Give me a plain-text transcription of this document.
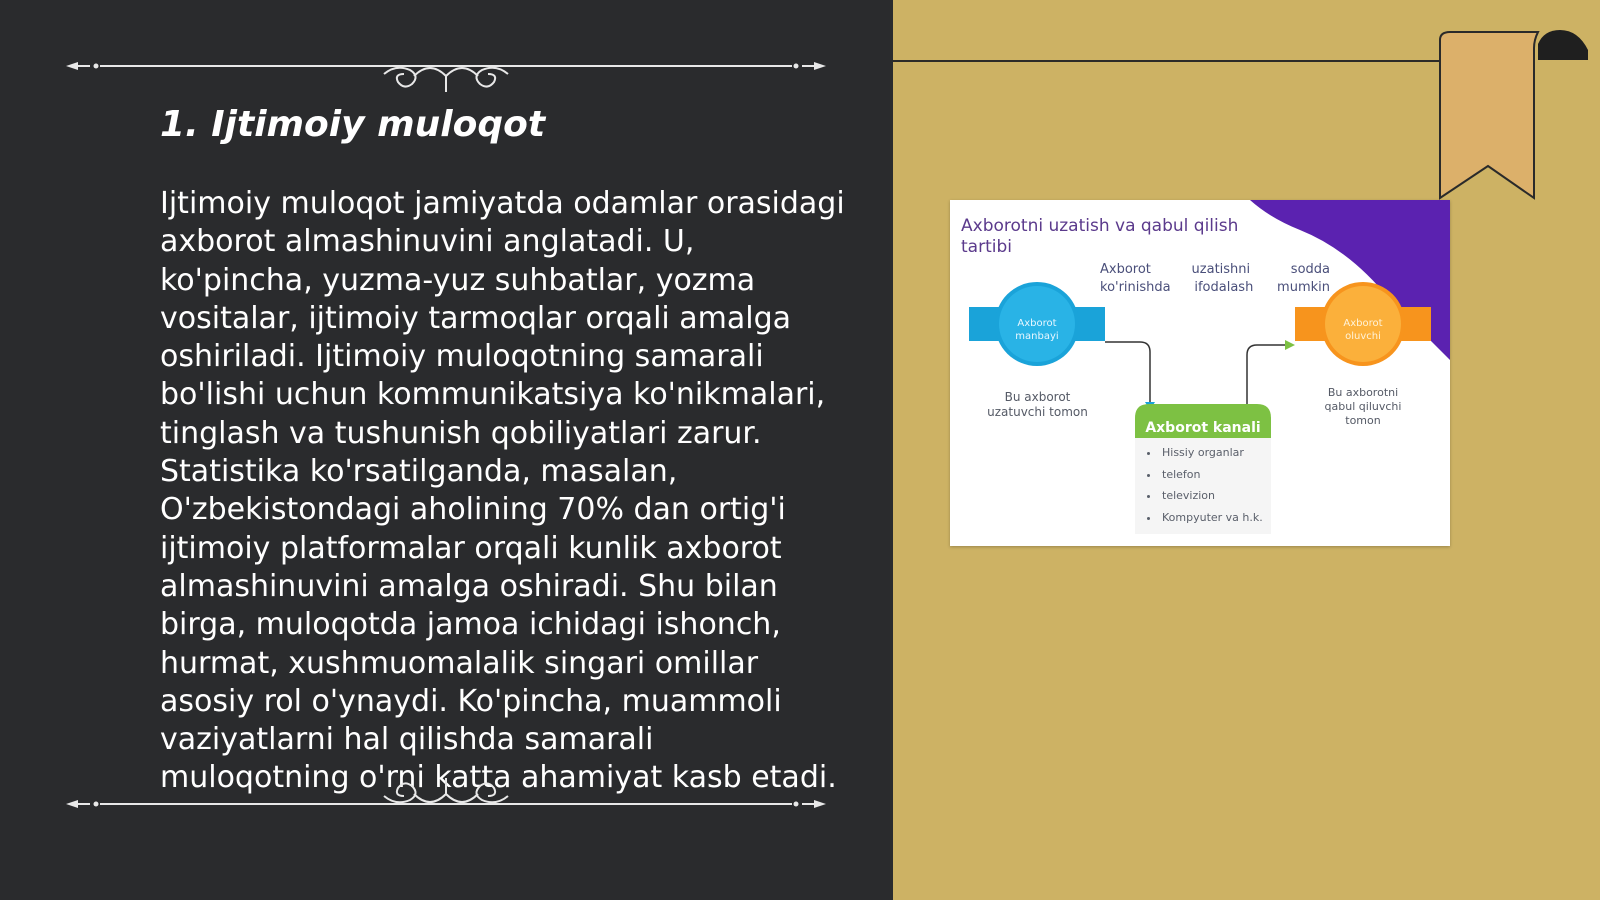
1. Ijtimoiy muloqot

Ijtimoiy muloqot jamiyatda odamlar orasidagi axborot almashinuvini anglatadi. U, ko'pincha, yuzma-yuz suhbatlar, yozma vositalar, ijtimoiy tarmoqlar orqali amalga oshiriladi. Ijtimoiy muloqotning samarali bo'lishi uchun kommunikatsiya ko'nikmalari, tinglash va tushunish qobiliyatlari zarur. Statistika ko'rsatilganda, masalan, O'zbekistondagi aholining 70% dan ortig'i ijtimoiy platformalar orqali kunlik axborot almashinuvini amalga oshiradi. Shu bilan birga, muloqotda jamoa ichidagi ishonch, hurmat, xushmuomalalik singari omillar asosiy rol o'ynaydi. Ko'pincha, muammoli vaziyatlarni hal qilishda samarali muloqotning o'rni katta ahamiyat kasb etadi.

Axborotni uzatish va qabul qilish tartibi
Axborot uzatishni sodda
ko'rinishda ifodalash mumkin
Axborot manbayi
Bu axborot uzatuvchi tomon
Axborot oluvchi
Bu axborotni qabul qiluvchi tomon
Axborot kanali
• Hissiy organlar
• telefon
• televizion
• Kompyuter va h.k.
